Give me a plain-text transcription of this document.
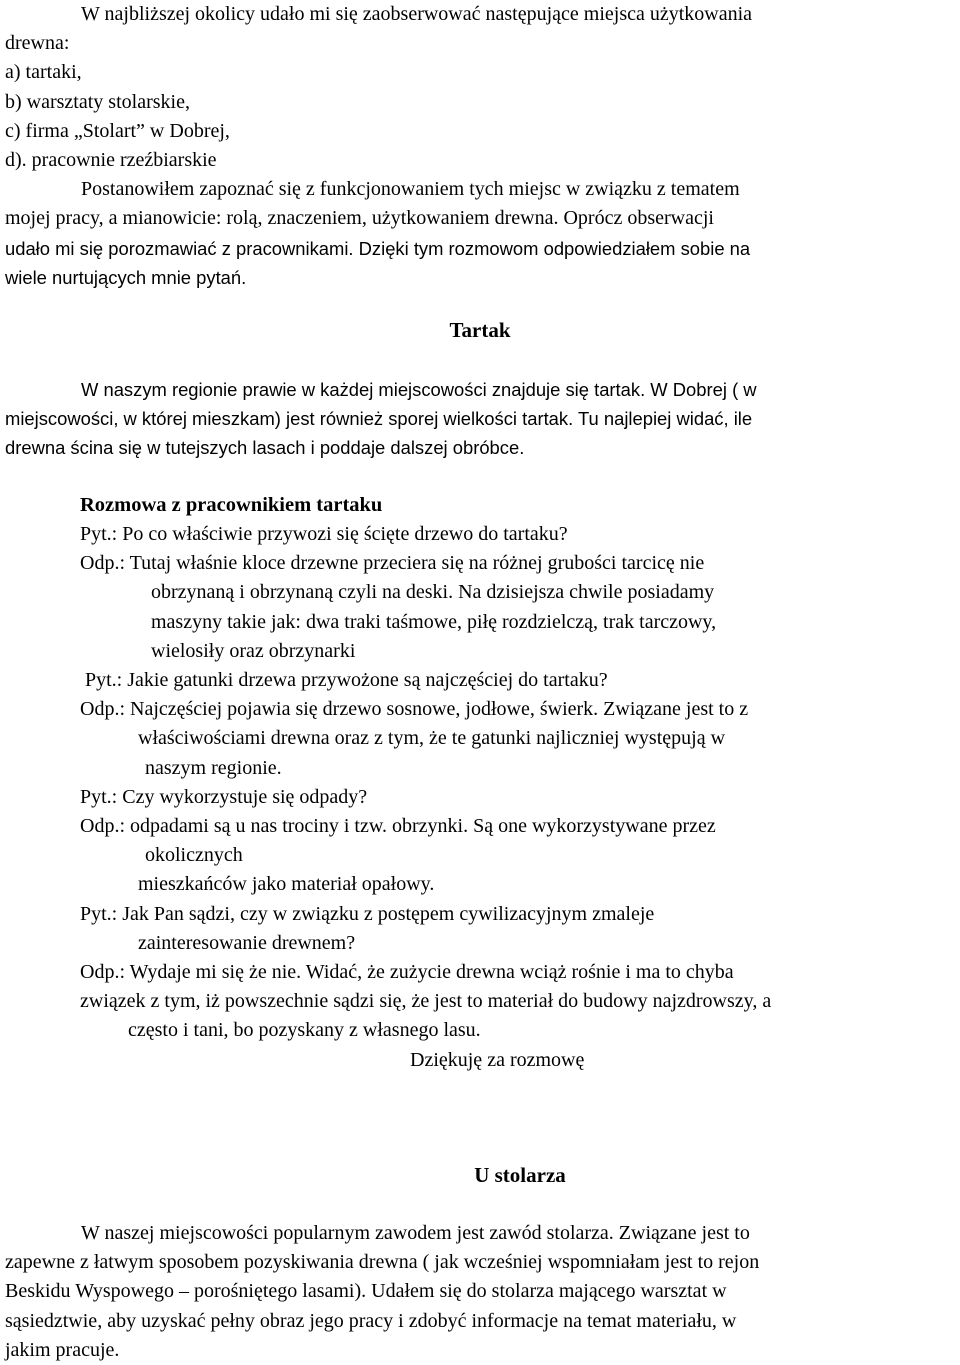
W najbliższej okolicy udało mi się zaobserwować następujące miejsca użytkowania

drewna:

a) tartaki,

b) warsztaty stolarskie,

c) firma „Stolart” w Dobrej,

d). pracownie rzeźbiarskie

Postanowiłem zapoznać się z funkcjonowaniem tych miejsc w związku z tematem

mojej pracy, a mianowicie: rolą, znaczeniem, użytkowaniem drewna. Oprócz obserwacji

udało mi się porozmawiać z pracownikami. Dzięki tym rozmowom odpowiedziałem sobie na

wiele nurtujących mnie pytań.

Tartak

W naszym regionie prawie w każdej miejscowości znajduje się tartak. W Dobrej ( w

miejscowości, w której mieszkam) jest również sporej wielkości tartak. Tu najlepiej widać, ile

drewna ścina się w tutejszych lasach i poddaje dalszej obróbce.

Rozmowa z pracownikiem tartaku

Pyt.: Po co właściwie przywozi się ścięte drzewo do tartaku?

Odp.: Tutaj właśnie kloce drzewne przeciera się na różnej grubości tarcicę nie

obrzynaną i obrzynaną czyli na deski. Na dzisiejsza chwile posiadamy

maszyny takie jak: dwa traki taśmowe, piłę rozdzielczą, trak tarczowy,

wielosiły oraz obrzynarki

Pyt.: Jakie gatunki drzewa przywożone są najczęściej do tartaku?

Odp.: Najczęściej pojawia się drzewo sosnowe, jodłowe, świerk. Związane jest to z

właściwościami drewna oraz z tym, że te gatunki najliczniej występują w

naszym regionie.

Pyt.: Czy wykorzystuje się odpady?

Odp.: odpadami są u nas trociny i tzw. obrzynki. Są one wykorzystywane przez

okolicznych

mieszkańców jako materiał opałowy.

Pyt.: Jak Pan sądzi, czy w związku z postępem cywilizacyjnym zmaleje

zainteresowanie drewnem?

Odp.: Wydaje mi się że nie. Widać, że zużycie drewna wciąż rośnie i ma to chyba

związek z tym, iż powszechnie sądzi się, że jest to materiał do budowy najzdrowszy, a

często i tani, bo pozyskany z własnego lasu.

Dziękuję za rozmowę

U stolarza

W naszej miejscowości popularnym zawodem jest zawód stolarza. Związane jest to

zapewne z łatwym sposobem pozyskiwania drewna ( jak wcześniej wspomniałam jest to rejon

Beskidu Wyspowego – porośniętego lasami). Udałem się do stolarza mającego warsztat w

sąsiedztwie, aby uzyskać pełny obraz jego pracy i zdobyć informacje na temat materiału, w

jakim pracuje.
